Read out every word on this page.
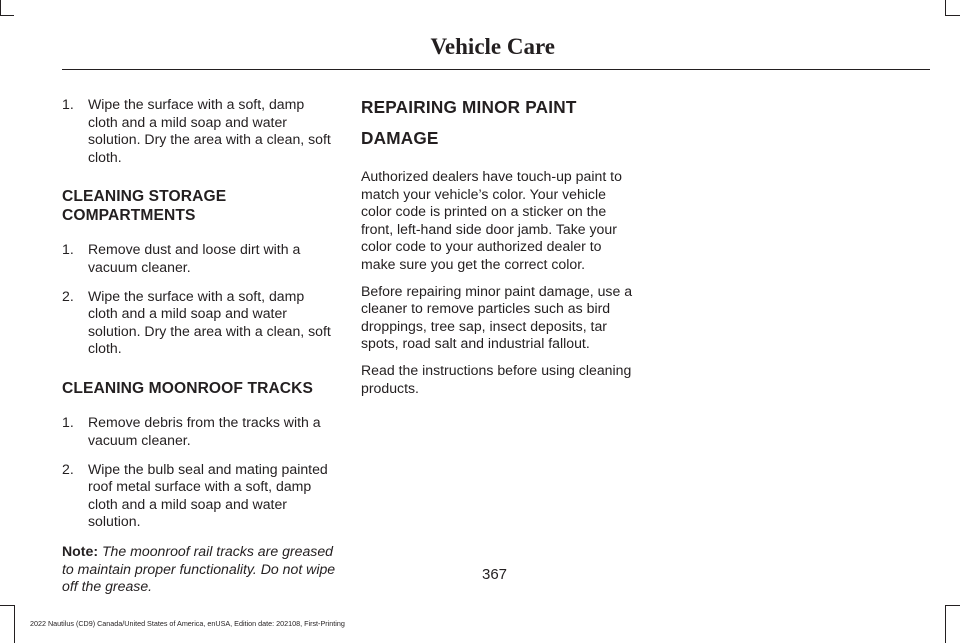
Vehicle Care
1. Wipe the surface with a soft, damp cloth and a mild soap and water solution. Dry the area with a clean, soft cloth.
CLEANING STORAGE COMPARTMENTS
1. Remove dust and loose dirt with a vacuum cleaner.
2. Wipe the surface with a soft, damp cloth and a mild soap and water solution. Dry the area with a clean, soft cloth.
CLEANING MOONROOF TRACKS
1. Remove debris from the tracks with a vacuum cleaner.
2. Wipe the bulb seal and mating painted roof metal surface with a soft, damp cloth and a mild soap and water solution.

Note: The moonroof rail tracks are greased to maintain proper functionality. Do not wipe off the grease.

REPAIRING MINOR PAINT
DAMAGE

Authorized dealers have touch-up paint to match your vehicle’s color. Your vehicle color code is printed on a sticker on the front, left-hand side door jamb. Take your color code to your authorized dealer to make sure you get the correct color.

Before repairing minor paint damage, use a cleaner to remove particles such as bird droppings, tree sap, insect deposits, tar spots, road salt and industrial fallout.

Read the instructions before using cleaning products.

367
2022 Nautilus (CD9) Canada/United States of America, enUSA, Edition date: 202108, First-Printing
